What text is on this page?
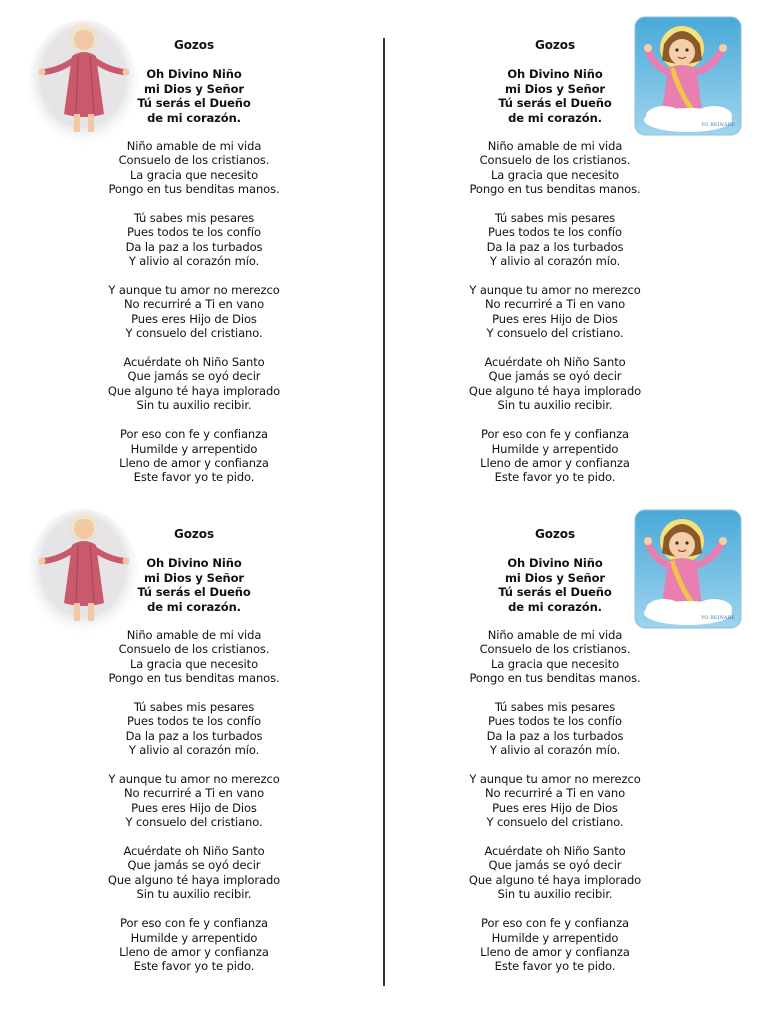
Gozos
Oh Divino Niño
mi Dios y Señor
Tú serás el Dueño
de mi corazón.
Niño amable de mi vida
Consuelo de los cristianos.
La gracia que necesito
Pongo en tus benditas manos.
Tú sabes mis pesares
Pues todos te los confío
Da la paz a los turbados
Y alivio al corazón mío.
Y aunque tu amor no merezco
No recurriré a Ti en vano
Pues eres Hijo de Dios
Y consuelo del cristiano.
Acuérdate oh Niño Santo
Que jamás se oyó decir
Que alguno té haya implorado
Sin tu auxilio recibir.
Por eso con fe y confianza
Humilde y arrepentido
Lleno de amor y confianza
Este favor yo te pido.
YO REINARE
Gozos
Oh Divino Niño
mi Dios y Señor
Tú serás el Dueño
de mi corazón.
Niño amable de mi vida
Consuelo de los cristianos.
La gracia que necesito
Pongo en tus benditas manos.
Tú sabes mis pesares
Pues todos te los confío
Da la paz a los turbados
Y alivio al corazón mío.
Y aunque tu amor no merezco
No recurriré a Ti en vano
Pues eres Hijo de Dios
Y consuelo del cristiano.
Acuérdate oh Niño Santo
Que jamás se oyó decir
Que alguno té haya implorado
Sin tu auxilio recibir.
Por eso con fe y confianza
Humilde y arrepentido
Lleno de amor y confianza
Este favor yo te pido.
Gozos
Oh Divino Niño
mi Dios y Señor
Tú serás el Dueño
de mi corazón.
Niño amable de mi vida
Consuelo de los cristianos.
La gracia que necesito
Pongo en tus benditas manos.
Tú sabes mis pesares
Pues todos te los confío
Da la paz a los turbados
Y alivio al corazón mío.
Y aunque tu amor no merezco
No recurriré a Ti en vano
Pues eres Hijo de Dios
Y consuelo del cristiano.
Acuérdate oh Niño Santo
Que jamás se oyó decir
Que alguno té haya implorado
Sin tu auxilio recibir.
Por eso con fe y confianza
Humilde y arrepentido
Lleno de amor y confianza
Este favor yo te pido.
YO REINARE
Gozos
Oh Divino Niño
mi Dios y Señor
Tú serás el Dueño
de mi corazón.
Niño amable de mi vida
Consuelo de los cristianos.
La gracia que necesito
Pongo en tus benditas manos.
Tú sabes mis pesares
Pues todos te los confío
Da la paz a los turbados
Y alivio al corazón mío.
Y aunque tu amor no merezco
No recurriré a Ti en vano
Pues eres Hijo de Dios
Y consuelo del cristiano.
Acuérdate oh Niño Santo
Que jamás se oyó decir
Que alguno té haya implorado
Sin tu auxilio recibir.
Por eso con fe y confianza
Humilde y arrepentido
Lleno de amor y confianza
Este favor yo te pido.
